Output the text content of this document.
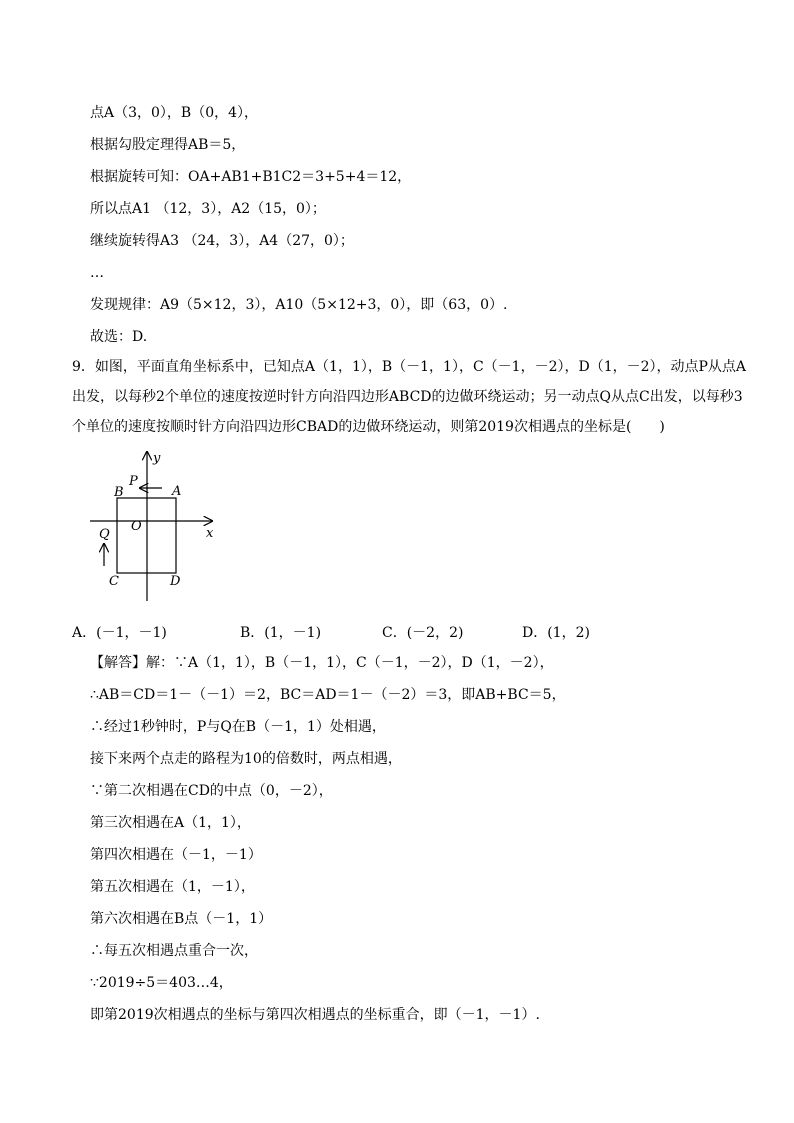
点A（3，0），B（0，4），
根据勾股定理得AB＝5，
根据旋转可知：OA+AB1+B1C2＝3+5+4＝12，
所以点A1 （12，3），A2（15，0）；
继续旋转得A3 （24，3），A4（27，0）；
…
发现规律：A9（5×12，3），A10（5×12+3，0），即（63，0）.
故选：D.
9．如图，平面直角坐标系中，已知点A（1，1），B（－1，1），C（－1，－2），D（1，－2），动点P从点A出发，以每秒2个单位的速度按逆时针方向沿四边形ABCD的边做环绕运动；另一动点Q从点C出发，以每秒3个单位的速度按顺时针方向沿四边形CBAD的边做环绕运动，则第2019次相遇点的坐标是(　　)
y
x
O
A
B
C	D
P
Q
A．(－1，－1)	B．(1，－1)	C．(－2，2)	D．(1，2)
【解答】解：∵A（1，1），B（－1，1），C（－1，－2），D（1，－2），
∴AB＝CD＝1－（－1）＝2，BC＝AD＝1－（－2）＝3，即AB+BC＝5，
∴经过1秒钟时，P与Q在B（－1，1）处相遇，
接下来两个点走的路程为10的倍数时，两点相遇，
∵第二次相遇在CD的中点（0，－2），
第三次相遇在A（1，1），
第四次相遇在（－1，－1）
第五次相遇在（1，－1），
第六次相遇在B点（－1，1）
∴每五次相遇点重合一次，
∵2019÷5＝403…4，
即第2019次相遇点的坐标与第四次相遇点的坐标重合，即（－1，－1）.
